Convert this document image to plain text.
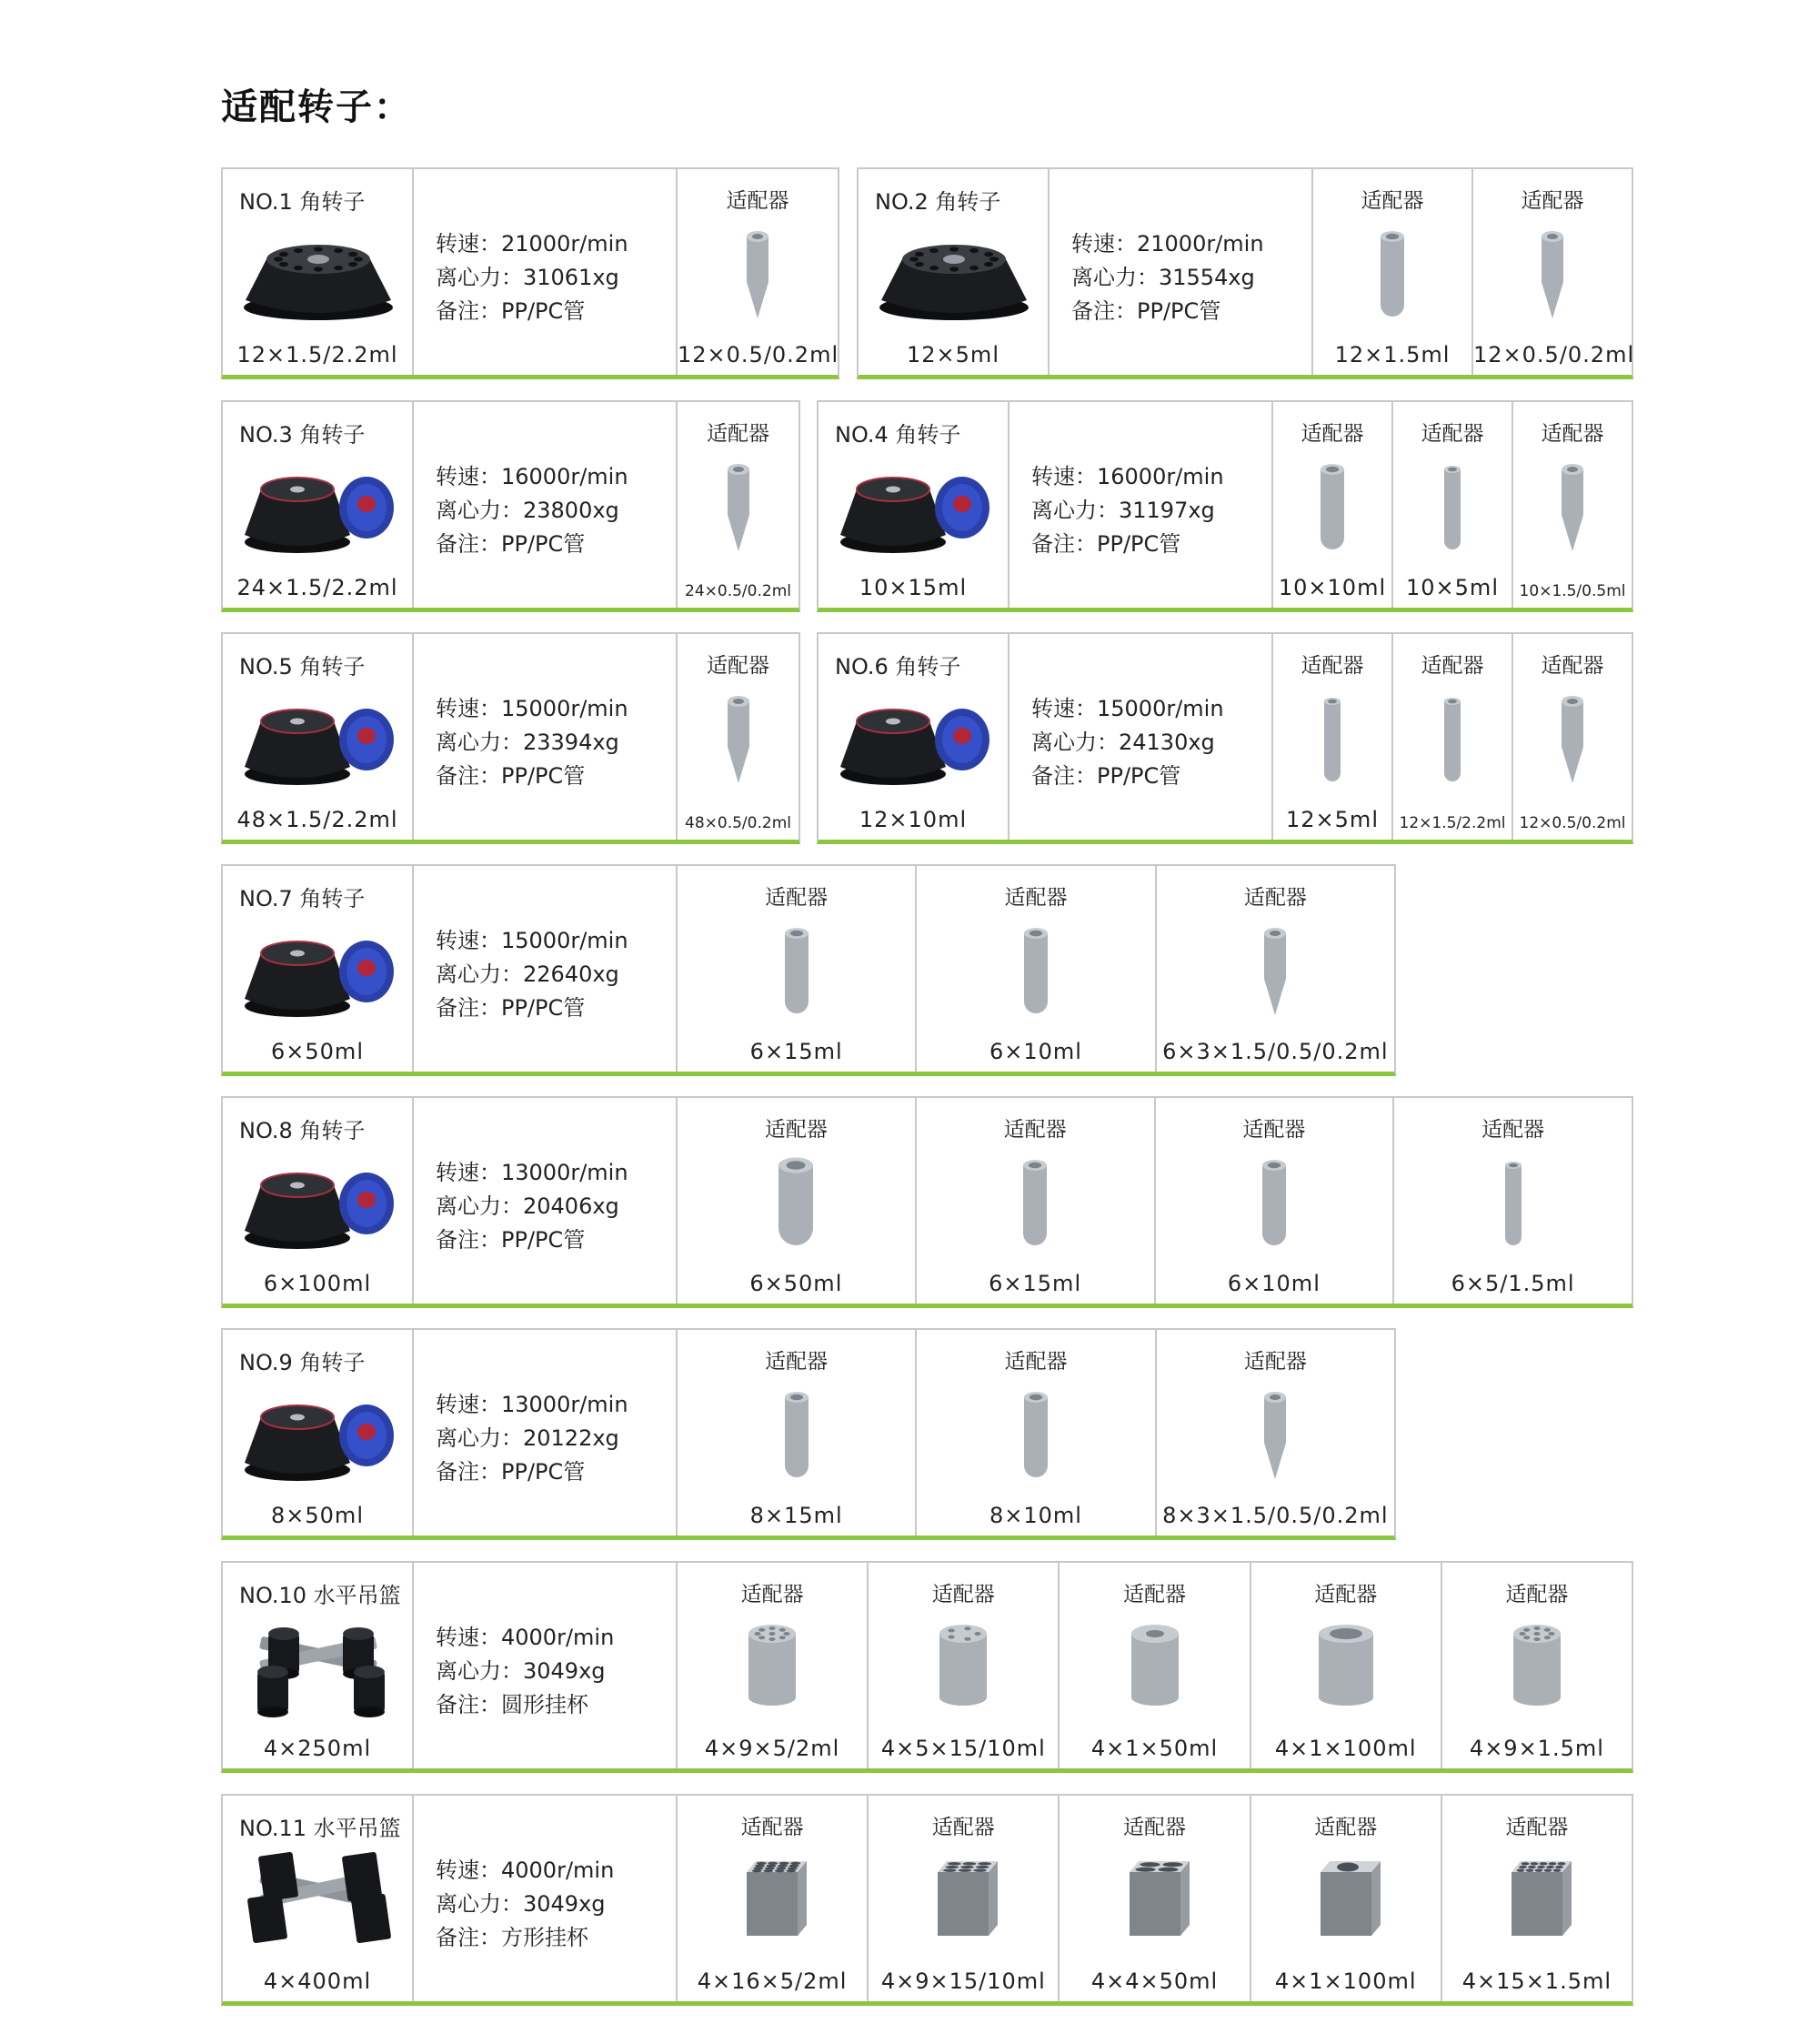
适配转子：
NO.1 角转子
12×1.5/2.2ml
转速：21000r/min
离心力：31061xg
备注：PP/PC管
适配器
12×0.5/0.2ml
NO.2 角转子
12×5ml
转速：21000r/min
离心力：31554xg
备注：PP/PC管
适配器
12×1.5ml
适配器
12×0.5/0.2ml
NO.3 角转子
24×1.5/2.2ml
转速：16000r/min
离心力：23800xg
备注：PP/PC管
适配器
24×0.5/0.2ml
NO.4 角转子
10×15ml
转速：16000r/min
离心力：31197xg
备注：PP/PC管
适配器
10×10ml
适配器
10×5ml
适配器
10×1.5/0.5ml
NO.5 角转子
48×1.5/2.2ml
转速：15000r/min
离心力：23394xg
备注：PP/PC管
适配器
48×0.5/0.2ml
NO.6 角转子
12×10ml
转速：15000r/min
离心力：24130xg
备注：PP/PC管
适配器
12×5ml
适配器
12×1.5/2.2ml
适配器
12×0.5/0.2ml
NO.7 角转子
6×50ml
转速：15000r/min
离心力：22640xg
备注：PP/PC管
适配器
6×15ml
适配器
6×10ml
适配器
6×3×1.5/0.5/0.2ml
NO.8 角转子
6×100ml
转速：13000r/min
离心力：20406xg
备注：PP/PC管
适配器
6×50ml
适配器
6×15ml
适配器
6×10ml
适配器
6×5/1.5ml
NO.9 角转子
8×50ml
转速：13000r/min
离心力：20122xg
备注：PP/PC管
适配器
8×15ml
适配器
8×10ml
适配器
8×3×1.5/0.5/0.2ml
NO.10 水平吊篮
4×250ml
转速：4000r/min
离心力：3049xg
备注：圆形挂杯
适配器
4×9×5/2ml
适配器
4×5×15/10ml
适配器
4×1×50ml
适配器
4×1×100ml
适配器
4×9×1.5ml
NO.11 水平吊篮
4×400ml
转速：4000r/min
离心力：3049xg
备注：方形挂杯
适配器
4×16×5/2ml
适配器
4×9×15/10ml
适配器
4×4×50ml
适配器
4×1×100ml
适配器
4×15×1.5ml
